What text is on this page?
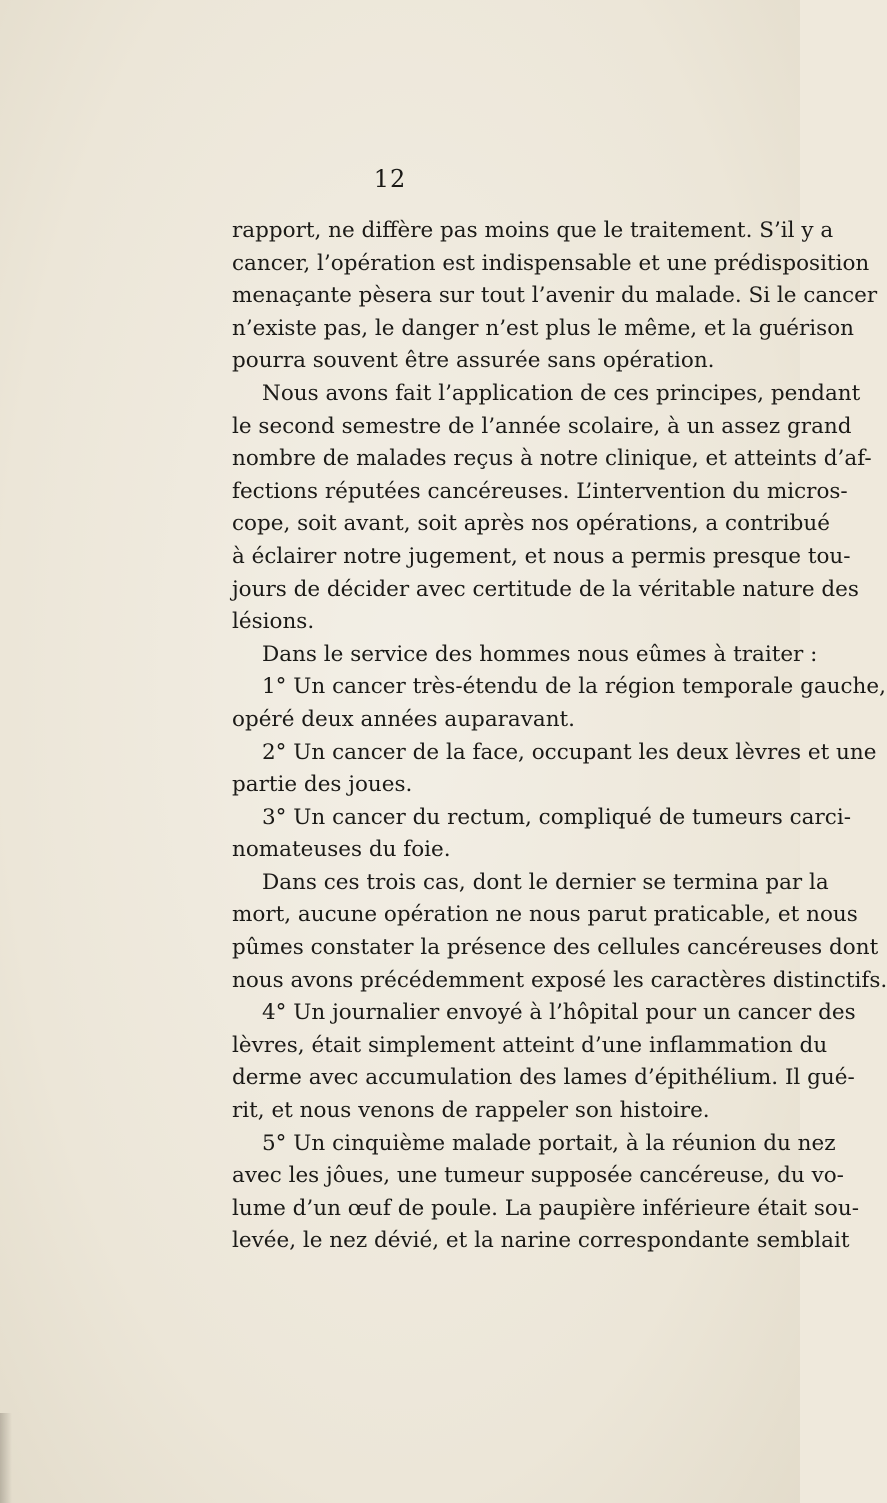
12
rapport, ne diffère pas moins que le traitement. S’il y a
cancer, l’opération est indispensable et une prédisposition
menaçante pèsera sur tout l’avenir du malade. Si le cancer
n’existe pas, le danger n’est plus le même, et la guérison
pourra souvent être assurée sans opération.
Nous avons fait l’application de ces principes, pendant
le second semestre de l’année scolaire, à un assez grand
nombre de malades reçus à notre clinique, et atteints d’af-
fections réputées cancéreuses. L’intervention du micros-
cope, soit avant, soit après nos opérations, a contribué
à éclairer notre jugement, et nous a permis presque tou-
jours de décider avec certitude de la véritable nature des
lésions.
Dans le service des hommes nous eûmes à traiter :
1° Un cancer très-étendu de la région temporale gauche,
opéré deux années auparavant.
2° Un cancer de la face, occupant les deux lèvres et une
partie des joues.
3° Un cancer du rectum, compliqué de tumeurs carci-
nomateuses du foie.
Dans ces trois cas, dont le dernier se termina par la
mort, aucune opération ne nous parut praticable, et nous
pûmes constater la présence des cellules cancéreuses dont
nous avons précédemment exposé les caractères distinctifs.
4° Un journalier envoyé à l’hôpital pour un cancer des
lèvres, était simplement atteint d’une inflammation du
derme avec accumulation des lames d’épithélium. Il gué-
rit, et nous venons de rappeler son histoire.
5° Un cinquième malade portait, à la réunion du nez
avec les jôues, une tumeur supposée cancéreuse, du vo-
lume d’un œuf de poule. La paupière inférieure était sou-
levée, le nez dévié, et la narine correspondante semblait
